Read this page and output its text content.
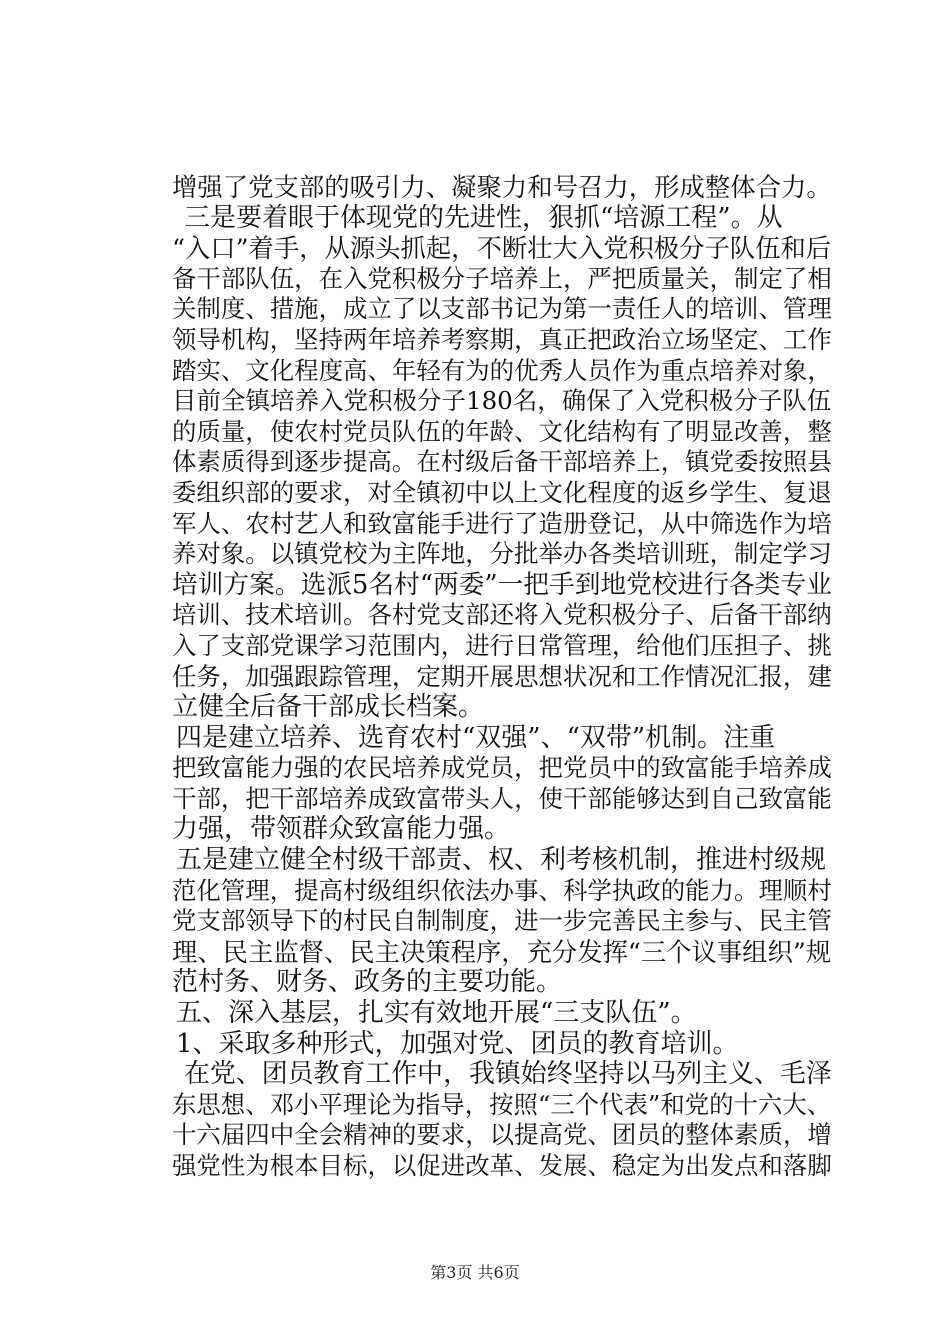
增强了党支部的吸引力、凝聚力和号召力，形成整体合力。
三是要着眼于体现党的先进性，狠抓“培源工程”。从
“入口”着手，从源头抓起，不断壮大入党积极分子队伍和后
备干部队伍，在入党积极分子培养上，严把质量关，制定了相
关制度、措施，成立了以支部书记为第一责任人的培训、管理
领导机构，坚持两年培养考察期，真正把政治立场坚定、工作
踏实、文化程度高、年轻有为的优秀人员作为重点培养对象，
目前全镇培养入党积极分子180名，确保了入党积极分子队伍
的质量，使农村党员队伍的年龄、文化结构有了明显改善，整
体素质得到逐步提高。在村级后备干部培养上，镇党委按照县
委组织部的要求，对全镇初中以上文化程度的返乡学生、复退
军人、农村艺人和致富能手进行了造册登记，从中筛选作为培
养对象。以镇党校为主阵地，分批举办各类培训班，制定学习
培训方案。选派5名村“两委”一把手到地党校进行各类专业
培训、技术培训。各村党支部还将入党积极分子、后备干部纳
入了支部党课学习范围内，进行日常管理，给他们压担子、挑
任务，加强跟踪管理，定期开展思想状况和工作情况汇报，建
立健全后备干部成长档案。
四是建立培养、选育农村“双强”、“双带”机制。注重
把致富能力强的农民培养成党员，把党员中的致富能手培养成
干部，把干部培养成致富带头人，使干部能够达到自己致富能
力强，带领群众致富能力强。
五是建立健全村级干部责、权、利考核机制，推进村级规
范化管理，提高村级组织依法办事、科学执政的能力。理顺村
党支部领导下的村民自制制度，进一步完善民主参与、民主管
理、民主监督、民主决策程序，充分发挥“三个议事组织”规
范村务、财务、政务的主要功能。
五、深入基层，扎实有效地开展“三支队伍”。
1、采取多种形式，加强对党、团员的教育培训。
在党、团员教育工作中，我镇始终坚持以马列主义、毛泽
东思想、邓小平理论为指导，按照“三个代表”和党的十六大、
十六届四中全会精神的要求，以提高党、团员的整体素质，增
强党性为根本目标，以促进改革、发展、稳定为出发点和落脚
第3页 共6页
